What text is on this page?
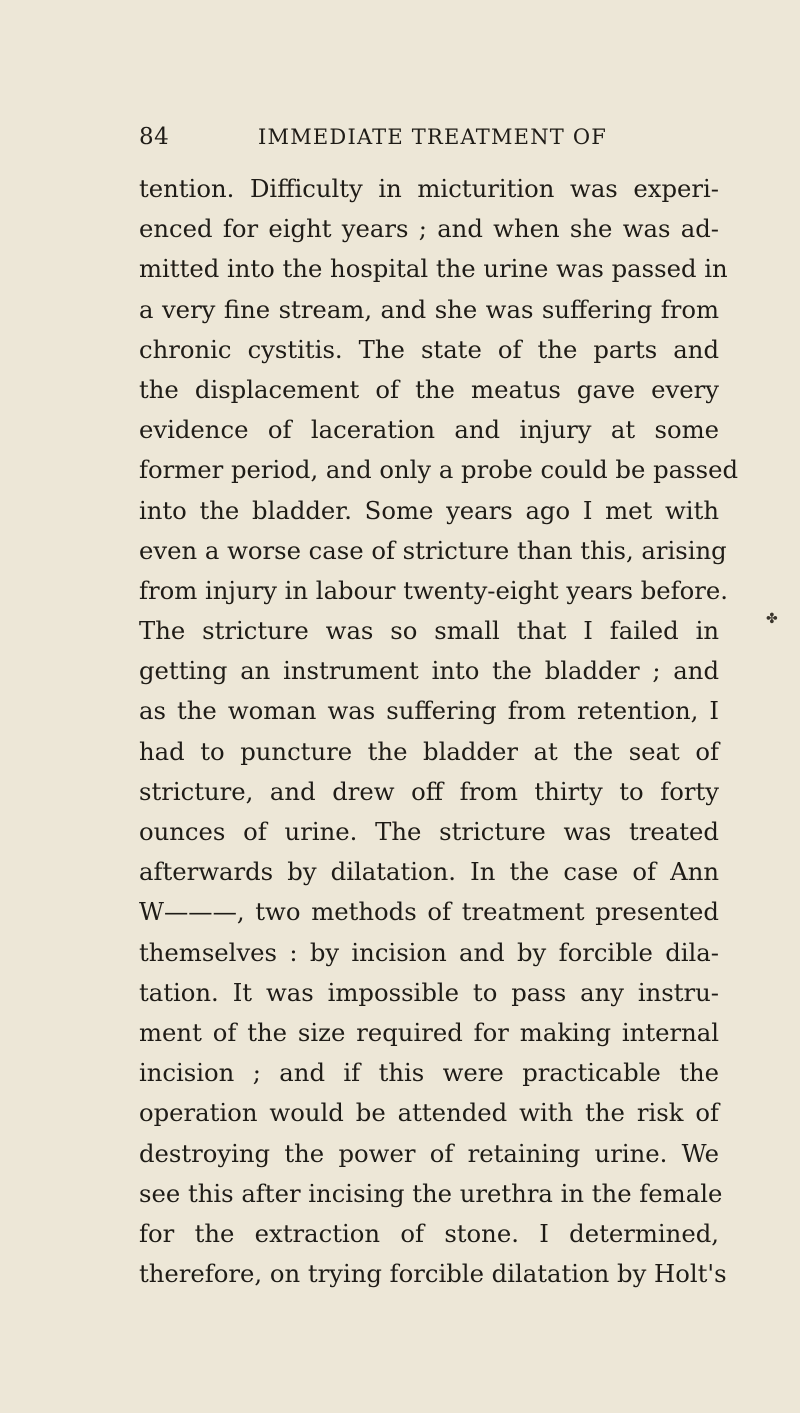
84	IMMEDIATE TREATMENT OF
tention. Difficulty in micturition was experi-
enced for eight years ; and when she was ad-
mitted into the hospital the urine was passed in
a very fine stream, and she was suffering from
chronic cystitis. The state of the parts and
the displacement of the meatus gave every
evidence of laceration and injury at some
former period, and only a probe could be passed
into the bladder. Some years ago I met with
even a worse case of stricture than this, arising
from injury in labour twenty-eight years before.
The stricture was so small that I failed in
getting an instrument into the bladder ; and
as the woman was suffering from retention, I
had to puncture the bladder at the seat of
stricture, and drew off from thirty to forty
ounces of urine. The stricture was treated
afterwards by dilatation. In the case of Ann
W———, two methods of treatment presented
themselves : by incision and by forcible dila-
tation. It was impossible to pass any instru-
ment of the size required for making internal
incision ; and if this were practicable the
operation would be attended with the risk of
destroying the power of retaining urine. We
see this after incising the urethra in the female
for the extraction of stone. I determined,
therefore, on trying forcible dilatation by Holt's
✤
